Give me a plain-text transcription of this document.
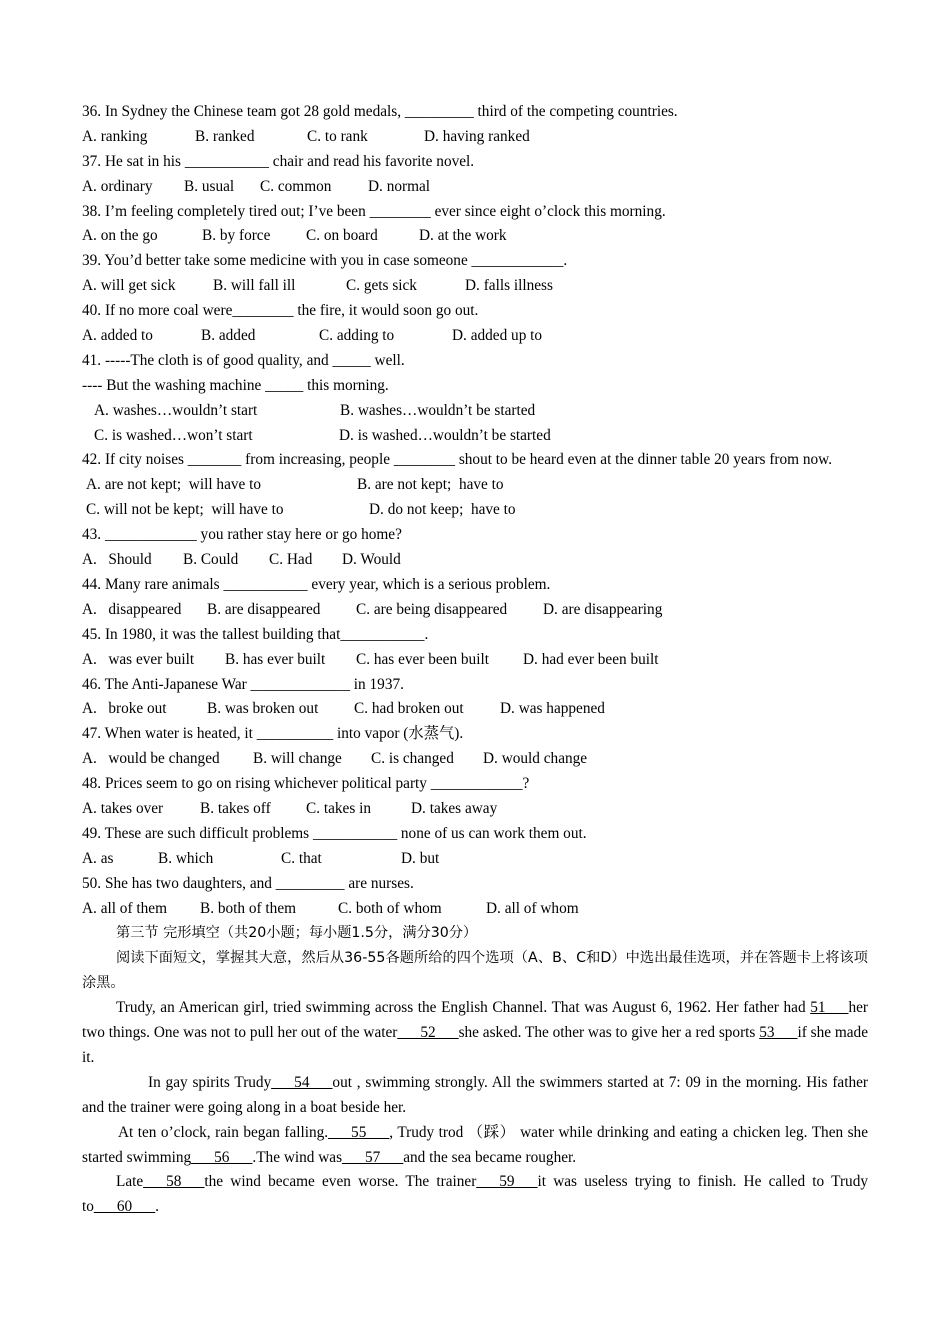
36. In Sydney the Chinese team got 28 gold medals, _________ third of the competing countries.
A. ranking	B. ranked	C. to rank	D. having ranked
37. He sat in his ___________ chair and read his favorite novel.
A. ordinary B. usual C. common D. normal
38. I’m feeling completely tired out; I’ve been ________ ever since eight o’clock this morning.
A. on the go	B. by force C. on board	D. at the work
39. You’d better take some medicine with you in case someone ____________.
A. will get sick B. will fall ill	C. gets sick	D. falls illness
40. If no more coal were________ the fire, it would soon go out.
A. added to	B. added	C. adding to	D. added up to
41. -----The cloth is of good quality, and _____ well.
---- But the washing machine _____ this morning.
A. washes…wouldn’t start	B. washes…wouldn’t be started
C. is washed…won’t start	D. is washed…wouldn’t be started
42. If city noises _______ from increasing, people ________ shout to be heard even at the dinner table 20 years from now.
A. are not kept;  will have to	B. are not kept;  have to
C. will not be kept;  will have to	D. do not keep;  have to
43. ____________ you rather stay here or go home?
A.   Should B. Could C. Had D. Would
44. Many rare animals ___________ every year, which is a serious problem.
A.   disappeared B. are disappeared C. are being disappeared D. are disappearing
45. In 1980, it was the tallest building that___________.
A.   was ever built B. has ever built C. has ever been built D. had ever been built
46. The Anti-Japanese War _____________ in 1937.
A.   broke out	B. was broken out C. had broken out D. was happened
47. When water is heated, it __________ into vapor (水蒸气).
A.   would be changed B. will change C. is changed D. would change
48. Prices seem to go on rising whichever political party ____________?
A. takes over B. takes off C. takes in	D. takes away
49. These are such difficult problems ___________ none of us can work them out.
A. as	B. which	C. that	D. but
50. She has two daughters, and _________ are nurses.
A. all of them B. both of them	C. both of whom	D. all of whom
第三节 完形填空（共20小题；每小题1.5分，满分30分）
阅读下面短文，掌握其大意，然后从36-55各题所给的四个选项（A、B、C和D）中选出最佳选项，并在答题卡上将该项涂黑。
Trudy, an American girl, tried swimming across the English Channel. That was August 6, 1962. Her father had 51___her two things. One was not to pull her out of the water___52___she asked. The other was to give her a red sports 53___if she made it.
In gay spirits Trudy___54___out , swimming strongly. All the swimmers started at 7: 09 in the morning. His father and the trainer were going along in a boat beside her.
At ten o’clock, rain began falling.___55___, Trudy trod （踩） water while drinking and eating a chicken leg. Then she started swimming___56___.The wind was___57___and the sea became rougher.
Late___58___the wind became even worse. The trainer___59___it was useless trying to finish. He called to Trudy to___60___.
